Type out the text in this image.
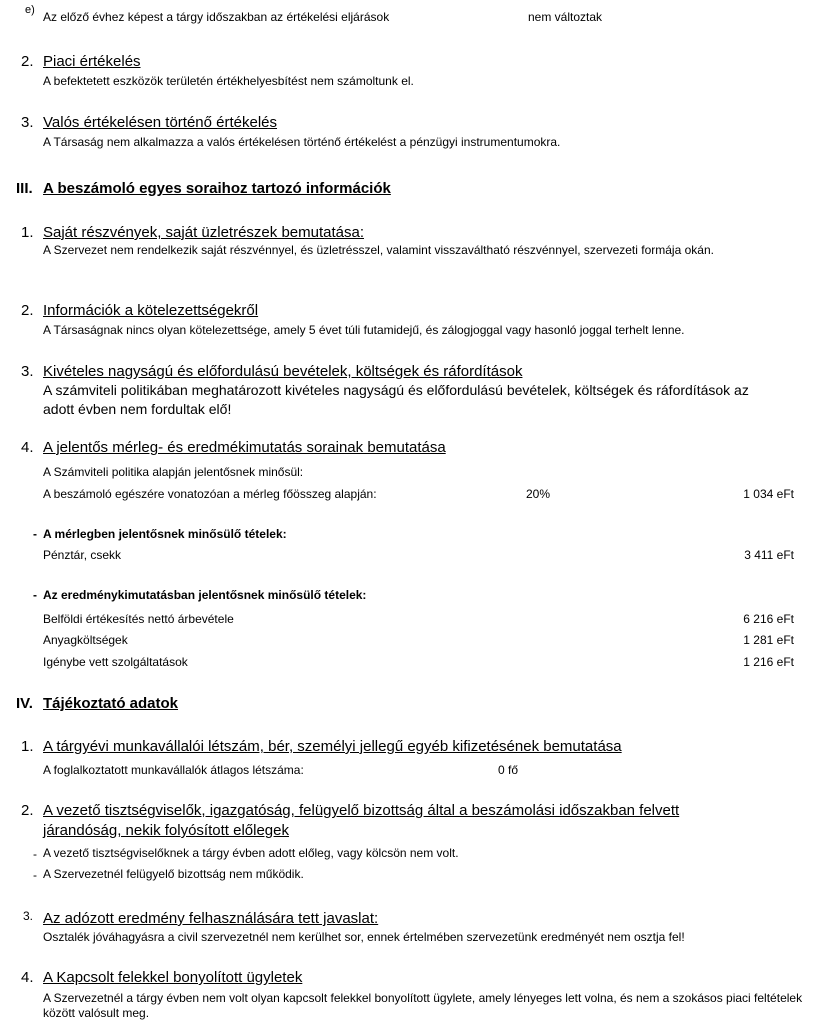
e) Az előző évhez képest a tárgy időszakban az értékelési eljárások	nem változtak
2. Piaci értékelés
A befektetett eszközök területén értékhelyesbítést nem számoltunk el.
3. Valós értékelésen történő értékelés
A Társaság nem alkalmazza a valós értékelésen történő értékelést a pénzügyi instrumentumokra.
III. A beszámoló egyes soraihoz tartozó információk
1. Saját részvények, saját üzletrészek bemutatása:
A Szervezet nem rendelkezik saját részvénnyel, és üzletrésszel, valamint visszaváltható részvénnyel, szervezeti formája okán.
2. Információk a kötelezettségekről
A Társaságnak nincs olyan kötelezettsége, amely 5 évet túli futamidejű, és zálogjoggal vagy hasonló joggal terhelt lenne.
3. Kivételes nagyságú és előfordulású bevételek, költségek és ráfordítások
A számviteli politikában meghatározott kivételes nagyságú és előfordulású bevételek, költségek és ráfordítások az adott évben nem fordultak elő!
4. A jelentős mérleg- és eredmékimutatás sorainak bemutatása
A Számviteli politika alapján jelentősnek minősül:
A beszámoló egészére vonatozóan a mérleg főösszeg alapján:	20%	1 034 eFt
- A mérlegben jelentősnek minősülő tételek:
Pénztár, csekk	3 411 eFt
- Az eredménykimutatásban jelentősnek minősülő tételek:
Belföldi értékesítés nettó árbevétele	6 216 eFt
Anyagköltségek	1 281 eFt
Igénybe vett szolgáltatások	1 216 eFt
IV. Tájékoztató adatok
1. A tárgyévi munkavállalói létszám, bér, személyi jellegű egyéb kifizetésének bemutatása
A foglalkoztatott munkavállalók átlagos létszáma:	0 fő
2. A vezető tisztségviselők, igazgatóság, felügyelő bizottság által a beszámolási időszakban felvett
járandóság, nekik folyósított előlegek
- A vezető tisztségviselőknek a tárgy évben adott előleg, vagy kölcsön nem volt.
- A Szervezetnél felügyelő bizottság nem működik.
3. Az adózott eredmény felhasználására tett javaslat:
Osztalék jóváhagyásra a civil szervezetnél nem kerülhet sor, ennek értelmében szervezetünk eredményét nem osztja fel!
4. A Kapcsolt felekkel bonyolított ügyletek
A Szervezetnél a tárgy évben nem volt olyan kapcsolt felekkel bonyolított ügylete, amely lényeges lett volna, és nem a szokásos piaci feltételek között valósult meg.
